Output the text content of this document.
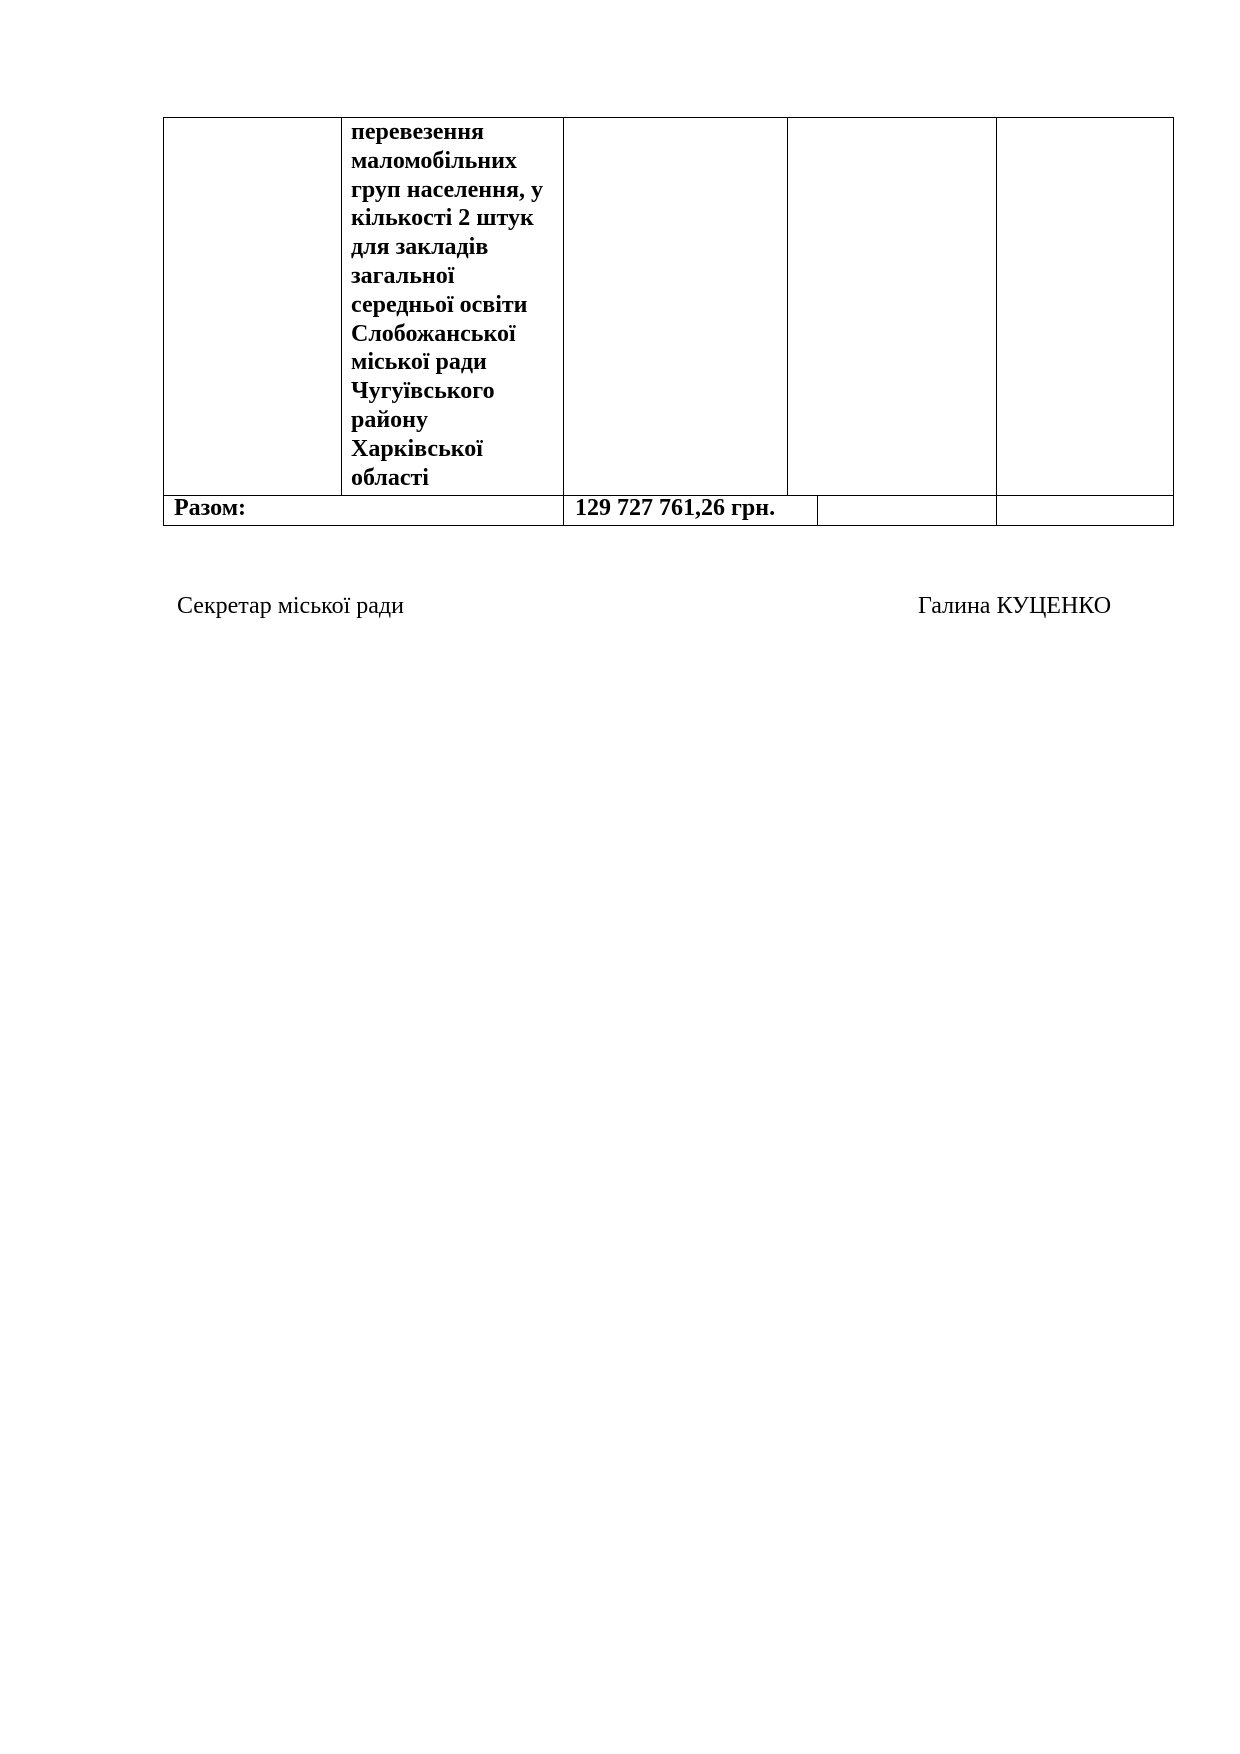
перевезення
маломобільних
груп населення, у
кількості 2 штук
для закладів
загальної
середньої освіти
Слобожанської
міської ради
Чугуївського
району
Харківської
області
Разом:	129 727 761,26 грн.
Секретар міської ради	Галина КУЦЕНКО
